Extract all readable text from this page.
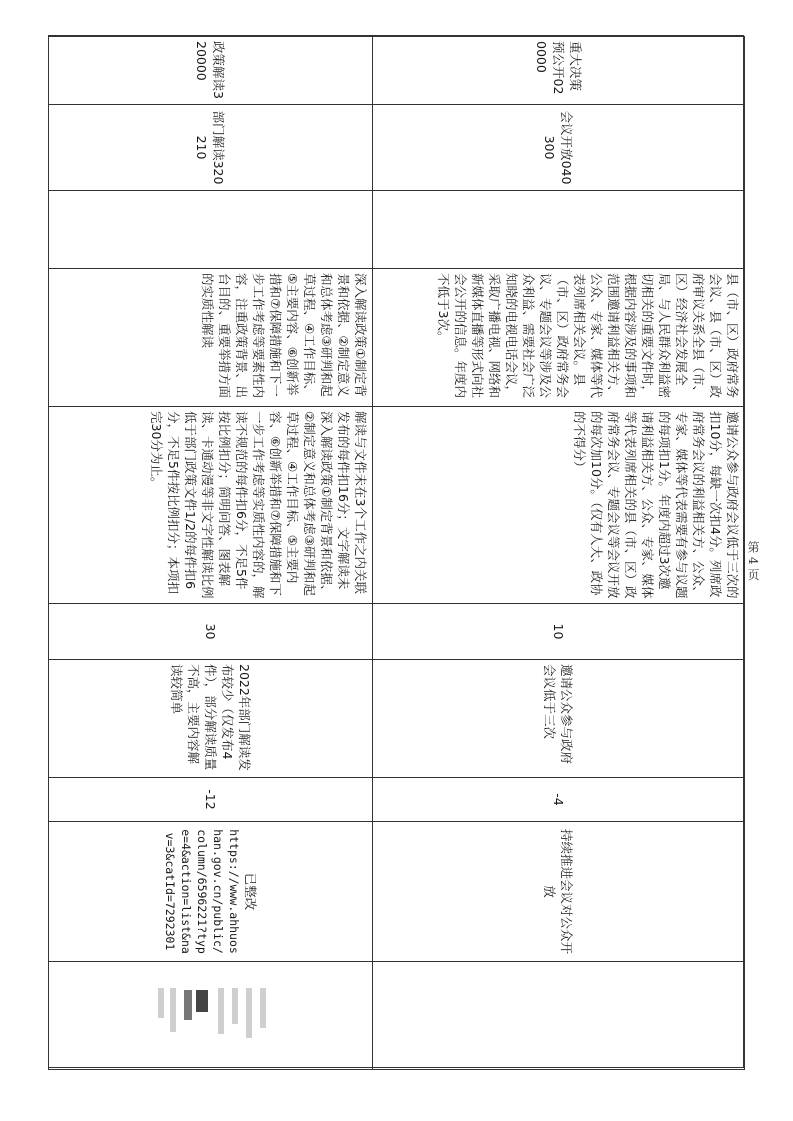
重大决策预公开020000	会议开放040300		县（市、区）政府常务会议、县（市、区）政府审议关系全县（市、区）经济社会发展全局、与人民群众利益密切相关的重要文件时，根据内容涉及的事项和范围邀请利益相关方、公众、专家、媒体等代表列席相关会议。县（市、区）政府常务会议、专题会议等涉及公众利益、需要社会广泛知晓的电视电话会议，采取广播电视、网络和新媒体直播等形式向社会公开的信息。年度内不低于3次。	邀请公众参与政府会议低于三次的扣10分，每缺一次扣4分。列席政府常务会议的利益相关方、公众、专家、媒体等代表需要有参与议题的每项扣1分。年度内超过3次邀请利益相关方、公众、专家、媒体等代表列席相关的县（市、区）政府常务会议、专题会议等会议开放的每次加10分。（仅有人大、政协的不得分）	10	邀请公众参与政府会议低于三次	-4	持续推进会议对公众开放	
政策解读320000	部门解读320210		深入解读政策①制定背景和依据、②制定意义和总体考虑③研判和起草过程、④工作目标、⑤主要内容、⑥创新举措和⑦保障措施和下一步工作考虑等要素性内容，注重政策背景、出台目的、重要举措方面的实质性解读	解读与文件未在3个工作之内关联发布的每件扣16分；文字解读未深入解读政策①制定背景和依据、②制定意义和总体考虑③研判和起草过程、④工作目标、⑤主要内容、⑥创新举措和⑦保障措施和下一步工作考虑等实质性内容的，解读不规范的每件扣6分，不足5件按比例扣分；简明问答、图表解读、卡通动漫等非文字性解读比例低于部门政策文件1/2的每件扣6分，不足5件按比例扣分；本项扣完30分为止。	30	2022年部门解读发布较少（仅发布4件），部分解读质量不高，主要内容解读较简单	-12	已整改
https://www.ahhuoshan.gov.cn/public/column/6596221?type=4&action=list&nav=3&catId=7292301	

第 4 页
